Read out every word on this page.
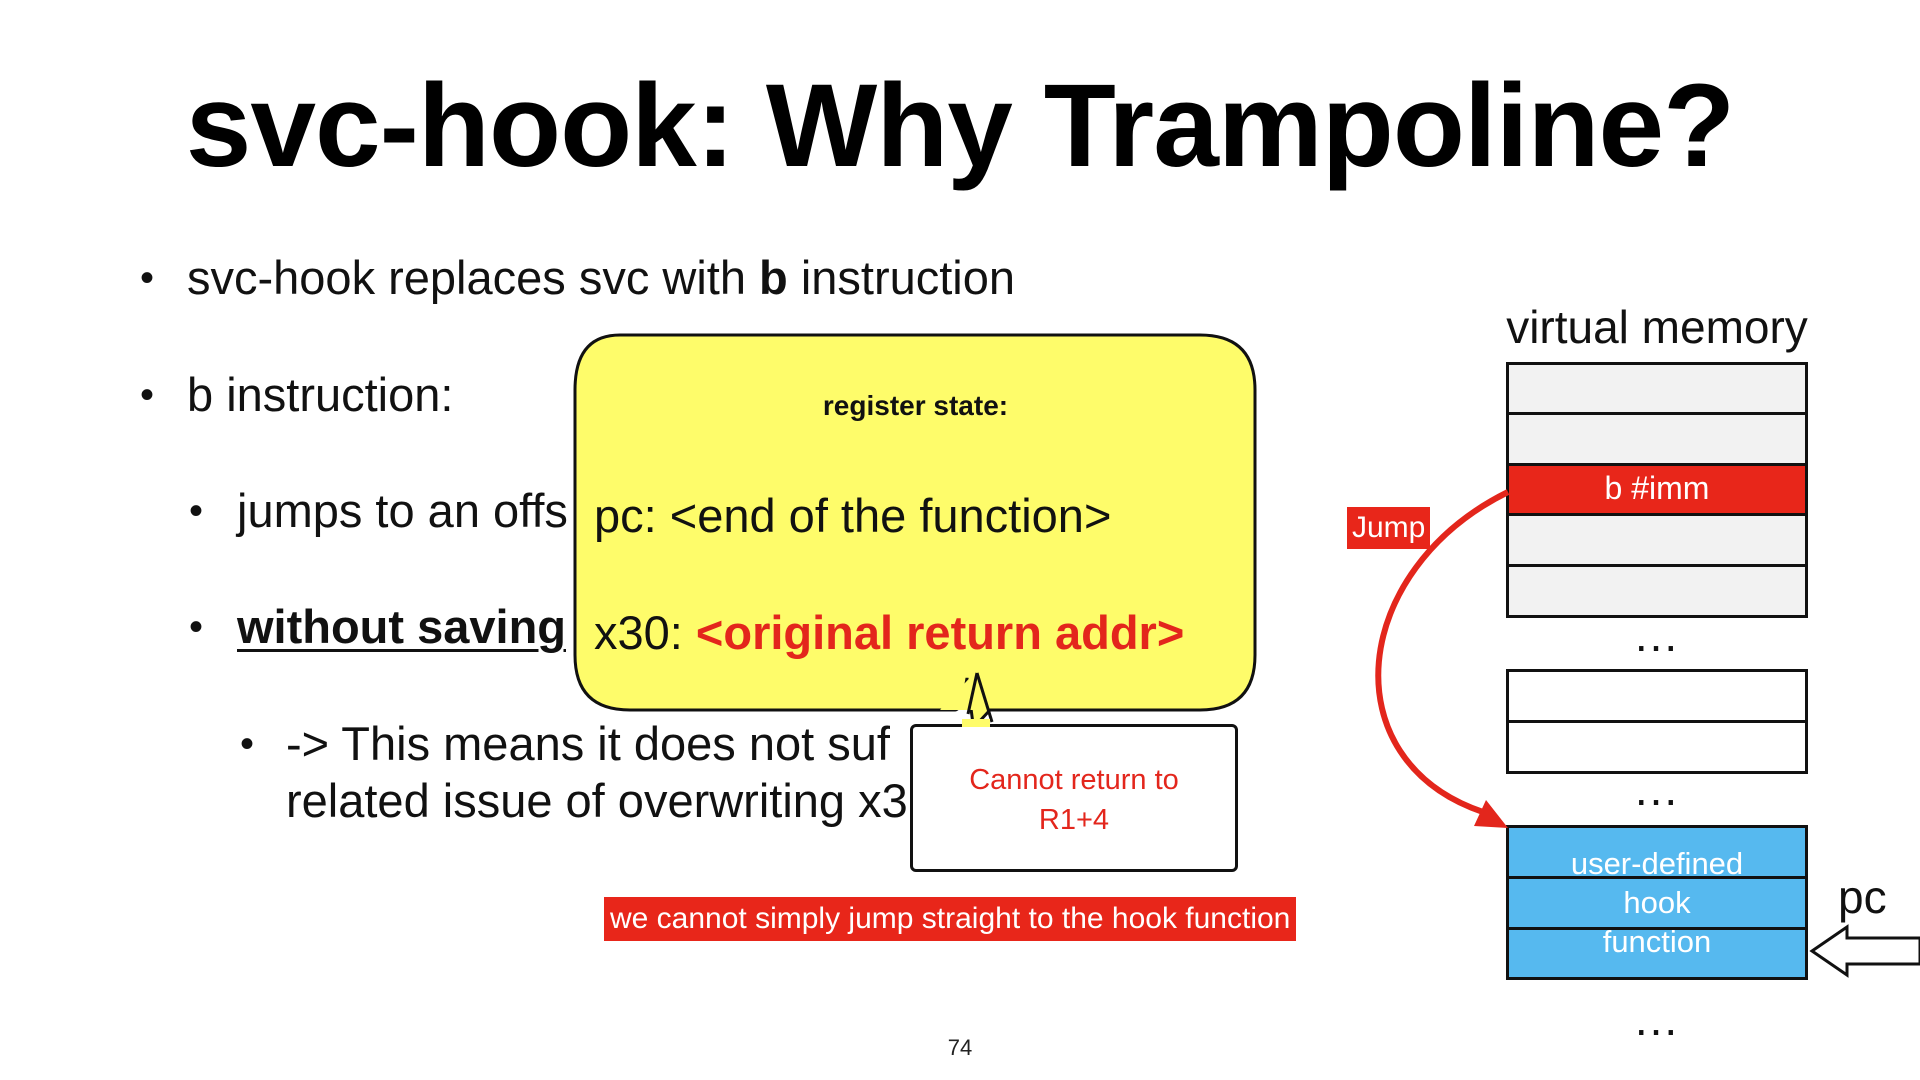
svc-hook: Why Trampoline?
• svc-hook replaces svc with b instruction
• b instruction:
• jumps to an offs
• without saving
• -> This means it does not suf
related issue of overwriting x3
register state:
pc: <end of the function>
x30: <original return addr>
Cannot return to
R1+4
we cannot simply jump straight to the hook function
virtual memory
b #imm
...
...
user-defined
hook
function
...
pc
Jump
74
